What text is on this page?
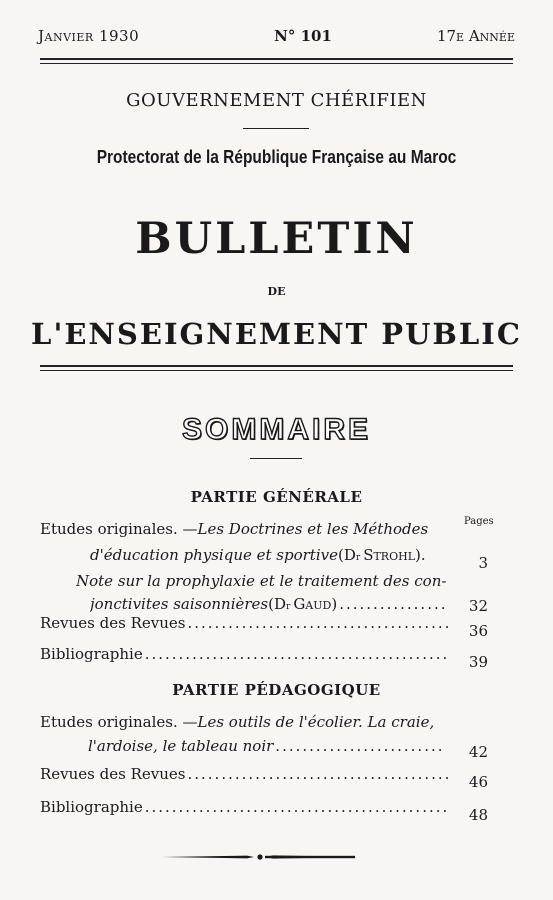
Janvier 1930	N° 101	17e Année
GOUVERNEMENT CHÉRIFIEN
Protectorat de la République Française au Maroc
BULLETIN
DE
L'ENSEIGNEMENT PUBLIC
SOMMAIRE
PARTIE GÉNÉRALE
Pages
Etudes originales. — Les Doctrines et les Méthodes
d'éducation physique et sportive ($D_r$ Strohl ).	3
Note sur la prophylaxie et le traitement des con-
jonctivites saisonnières ($D_r$ Gaud ) .....	32
Revues des Revues .....	36
Bibliographie .....	39
PARTIE PÉDAGOGIQUE
Etudes originales. — Les outils de l'écolier. La craie,
l'ardoise, le tableau noir .....	42
Revues des Revues .....	46
Bibliographie .....	48
